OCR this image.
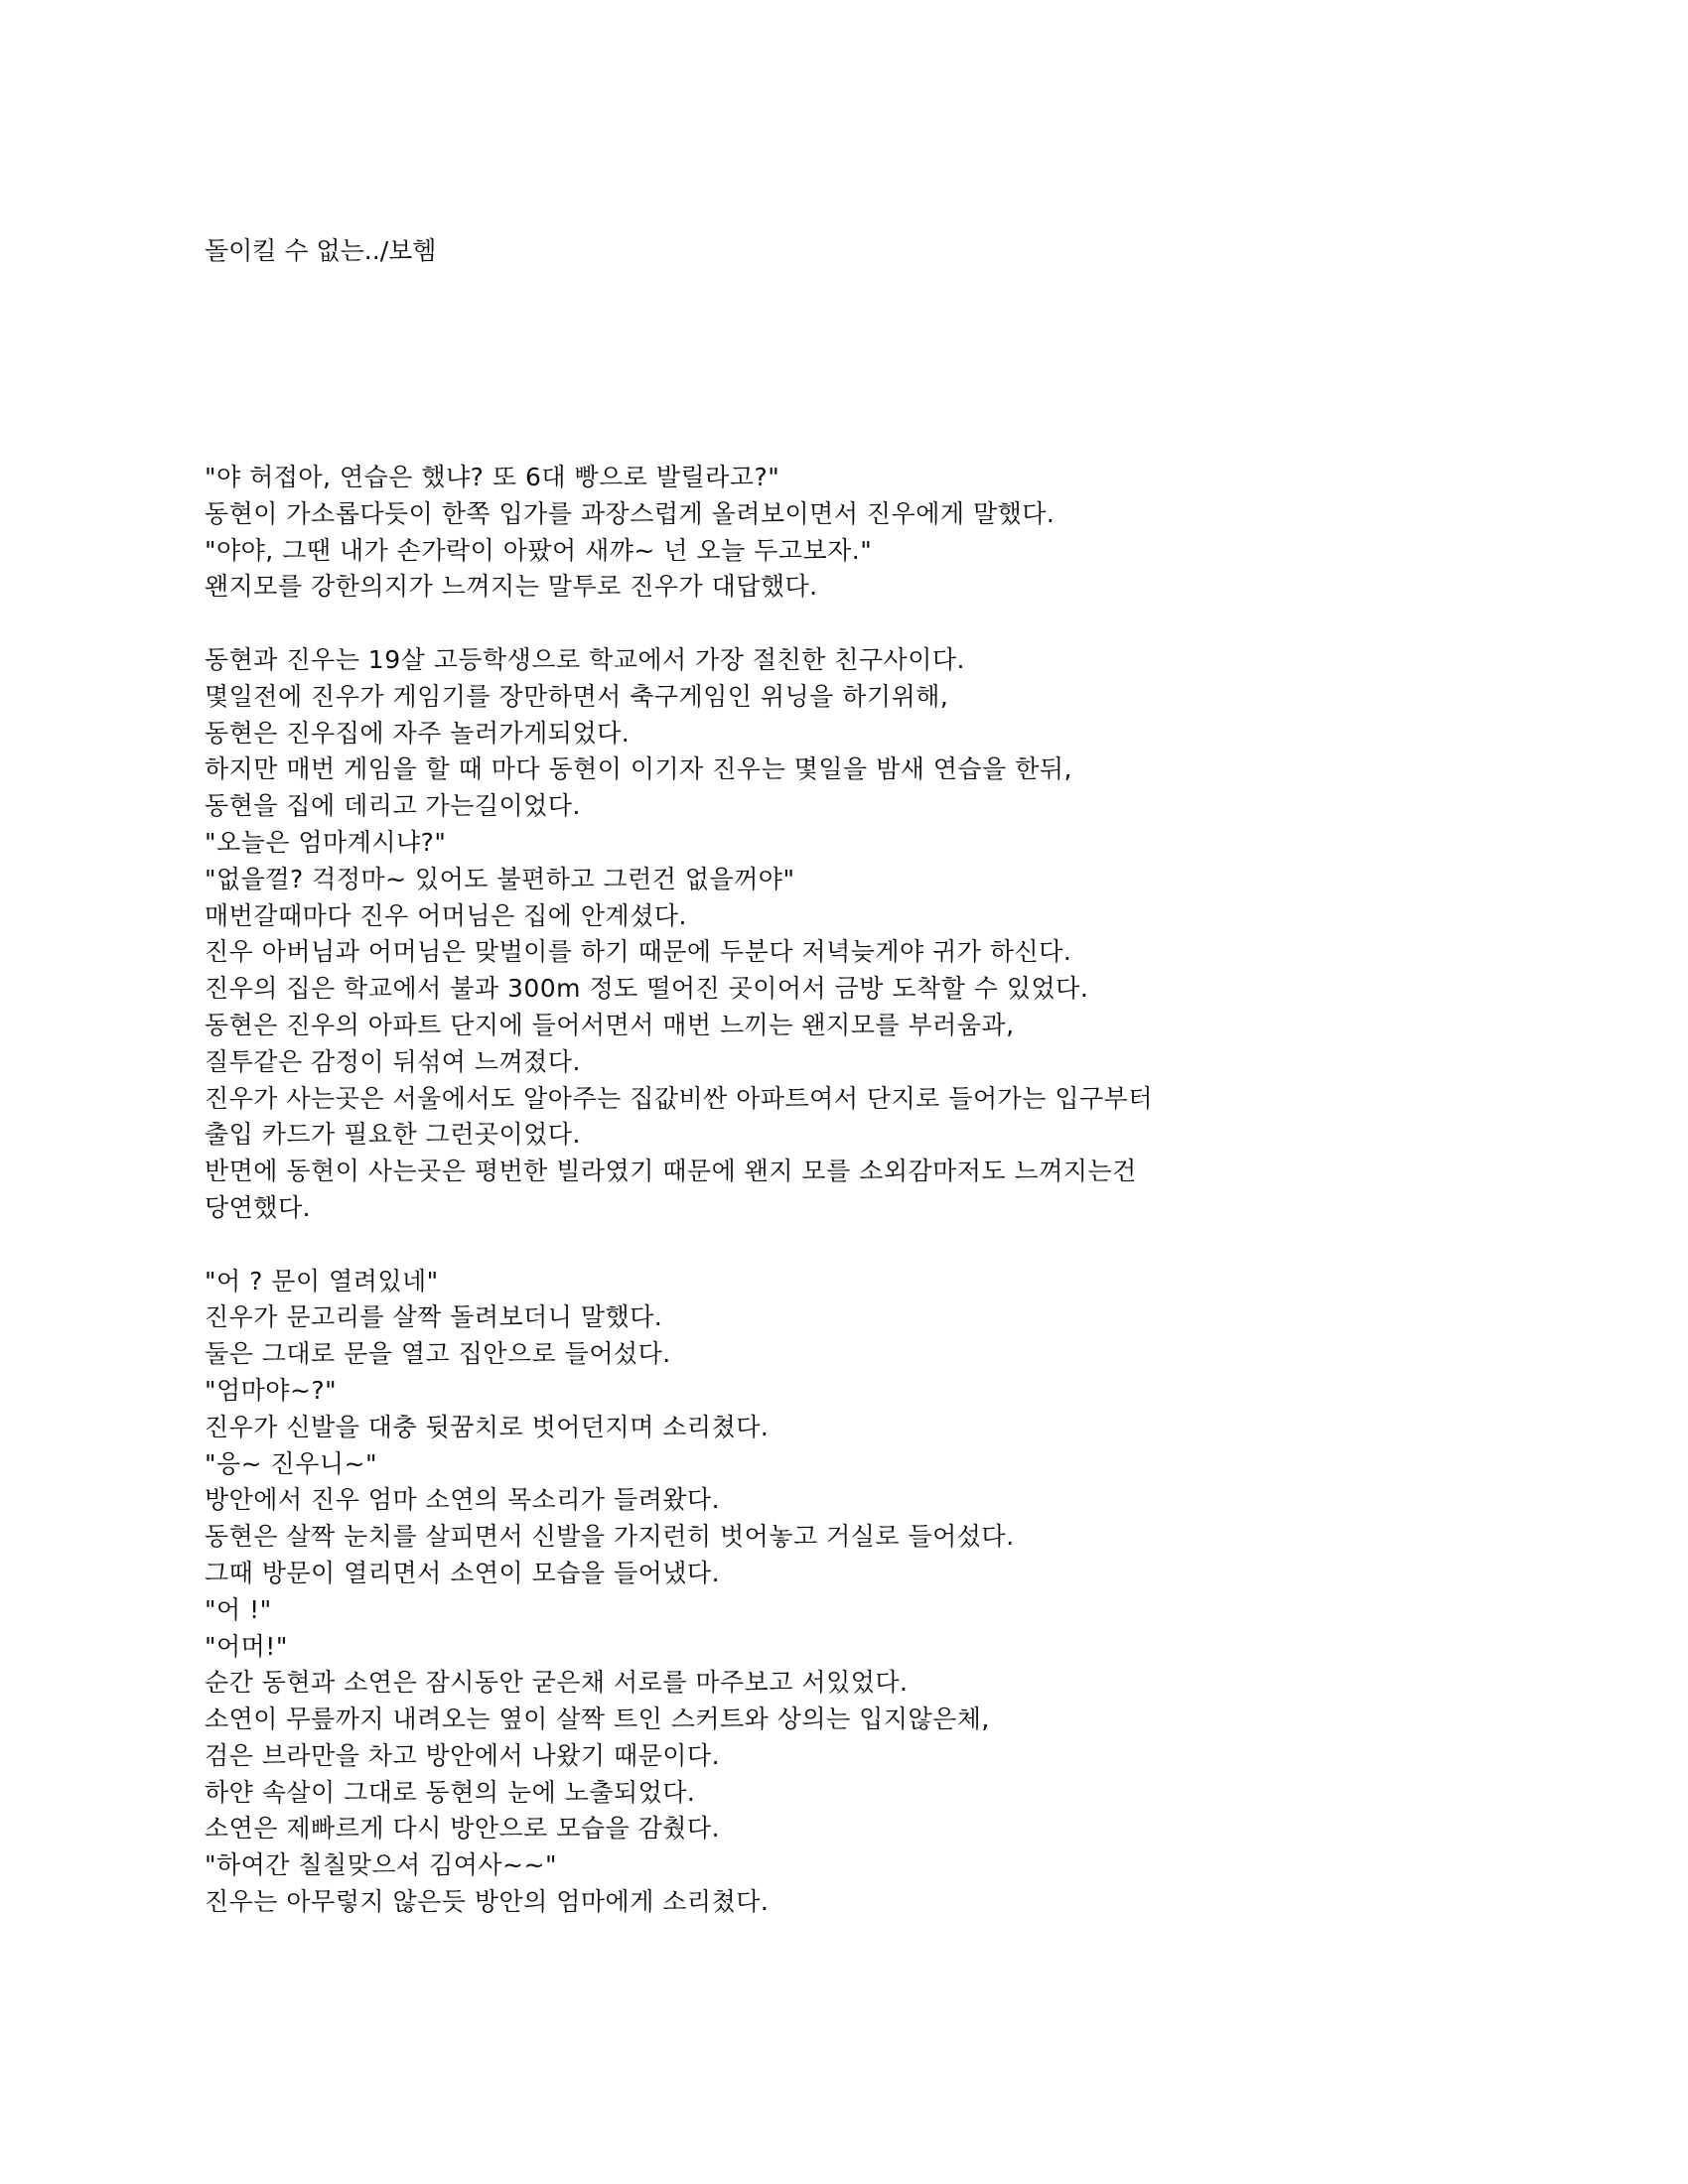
돌이킬 수 없는../보헴
"야 허접아, 연습은 했냐? 또 6대 빵으로 발릴라고?"
동현이 가소롭다듯이 한쪽 입가를 과장스럽게 올려보이면서 진우에게 말했다.
"야야, 그땐 내가 손가락이 아팠어 새꺄~ 넌 오늘 두고보자."
왠지모를 강한의지가 느껴지는 말투로 진우가 대답했다.
동현과 진우는 19살 고등학생으로 학교에서 가장 절친한 친구사이다.
몇일전에 진우가 게임기를 장만하면서 축구게임인 위닝을 하기위해,
동현은 진우집에 자주 놀러가게되었다.
하지만 매번 게임을 할 때 마다 동현이 이기자 진우는 몇일을 밤새 연습을 한뒤,
동현을 집에 데리고 가는길이었다.
"오늘은 엄마계시냐?"
"없을껄? 걱정마~ 있어도 불편하고 그런건 없을꺼야"
매번갈때마다 진우 어머님은 집에 안계셨다.
진우 아버님과 어머님은 맞벌이를 하기 때문에 두분다 저녁늦게야 귀가 하신다.
진우의 집은 학교에서 불과 300m 정도 떨어진 곳이어서 금방 도착할 수 있었다.
동현은 진우의 아파트 단지에 들어서면서 매번 느끼는 왠지모를 부러움과,
질투같은 감정이 뒤섞여 느껴졌다.
진우가 사는곳은 서울에서도 알아주는 집값비싼 아파트여서 단지로 들어가는 입구부터
출입 카드가 필요한 그런곳이었다.
반면에 동현이 사는곳은 평번한 빌라였기 때문에 왠지 모를 소외감마저도 느껴지는건
당연했다.
"어 ? 문이 열려있네"
진우가 문고리를 살짝 돌려보더니 말했다.
둘은 그대로 문을 열고 집안으로 들어섰다.
"엄마야~?"
진우가 신발을 대충 뒷꿈치로 벗어던지며 소리쳤다.
"응~ 진우니~"
방안에서 진우 엄마 소연의 목소리가 들려왔다.
동현은 살짝 눈치를 살피면서 신발을 가지런히 벗어놓고 거실로 들어섰다.
그때 방문이 열리면서 소연이 모습을 들어냈다.
"어 !"
"어머!"
순간 동현과 소연은 잠시동안 굳은채 서로를 마주보고 서있었다.
소연이 무릎까지 내려오는 옆이 살짝 트인 스커트와 상의는 입지않은체,
검은 브라만을 차고 방안에서 나왔기 때문이다.
하얀 속살이 그대로 동현의 눈에 노출되었다.
소연은 제빠르게 다시 방안으로 모습을 감췄다.
"하여간 칠칠맞으셔 김여사~~"
진우는 아무렇지 않은듯 방안의 엄마에게 소리쳤다.
